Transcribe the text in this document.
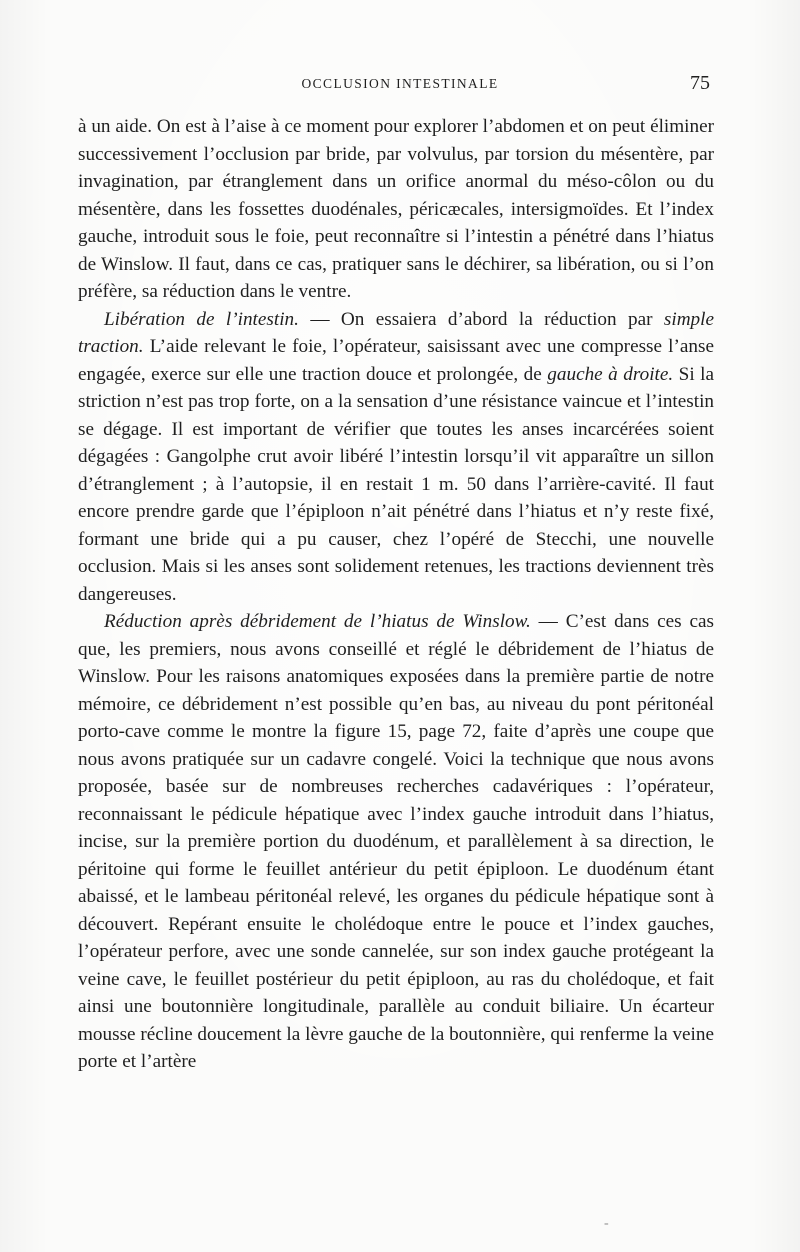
OCCLUSION INTESTINALE	75

à un aide. On est à l’aise à ce moment pour explorer l’abdomen et on peut éliminer successivement l’occlusion par bride, par volvulus, par torsion du mésentère, par invagination, par étranglement dans un orifice anormal du méso-côlon ou du mésentère, dans les fossettes duodénales, péricæcales, intersigmoïdes. Et l’index gauche, introduit sous le foie, peut reconnaître si l’intestin a pénétré dans l’hiatus de Winslow. Il faut, dans ce cas, pratiquer sans le déchirer, sa libération, ou si l’on préfère, sa réduction dans le ventre.

Libération de l’intestin. — On essaiera d’abord la réduction par simple traction. L’aide relevant le foie, l’opérateur, saisissant avec une compresse l’anse engagée, exerce sur elle une traction douce et prolongée, de gauche à droite. Si la striction n’est pas trop forte, on a la sensation d’une résistance vaincue et l’intestin se dégage. Il est important de vérifier que toutes les anses incarcérées soient dégagées : Gangolphe crut avoir libéré l’intestin lorsqu’il vit apparaître un sillon d’étranglement ; à l’autopsie, il en restait 1 m. 50 dans l’arrière-cavité. Il faut encore prendre garde que l’épiploon n’ait pénétré dans l’hiatus et n’y reste fixé, formant une bride qui a pu causer, chez l’opéré de Stecchi, une nouvelle occlusion. Mais si les anses sont solidement retenues, les tractions deviennent très dangereuses.

Réduction après débridement de l’hiatus de Winslow. — C’est dans ces cas que, les premiers, nous avons conseillé et réglé le débridement de l’hiatus de Winslow. Pour les raisons anatomiques exposées dans la première partie de notre mémoire, ce débridement n’est possible qu’en bas, au niveau du pont péritonéal porto-cave comme le montre la figure 15, page 72, faite d’après une coupe que nous avons pratiquée sur un cadavre congelé. Voici la technique que nous avons proposée, basée sur de nombreuses recherches cadavériques : l’opérateur, reconnaissant le pédicule hépatique avec l’index gauche introduit dans l’hiatus, incise, sur la première portion du duodénum, et parallèlement à sa direction, le péritoine qui forme le feuillet antérieur du petit épiploon. Le duodénum étant abaissé, et le lambeau péritonéal relevé, les organes du pédicule hépatique sont à découvert. Repérant ensuite le cholédoque entre le pouce et l’index gauches, l’opérateur perfore, avec une sonde cannelée, sur son index gauche protégeant la veine cave, le feuillet postérieur du petit épiploon, au ras du cholédoque, et fait ainsi une boutonnière longitudinale, parallèle au conduit biliaire. Un écarteur mousse récline doucement la lèvre gauche de la boutonnière, qui renferme la veine porte et l’artère

-
